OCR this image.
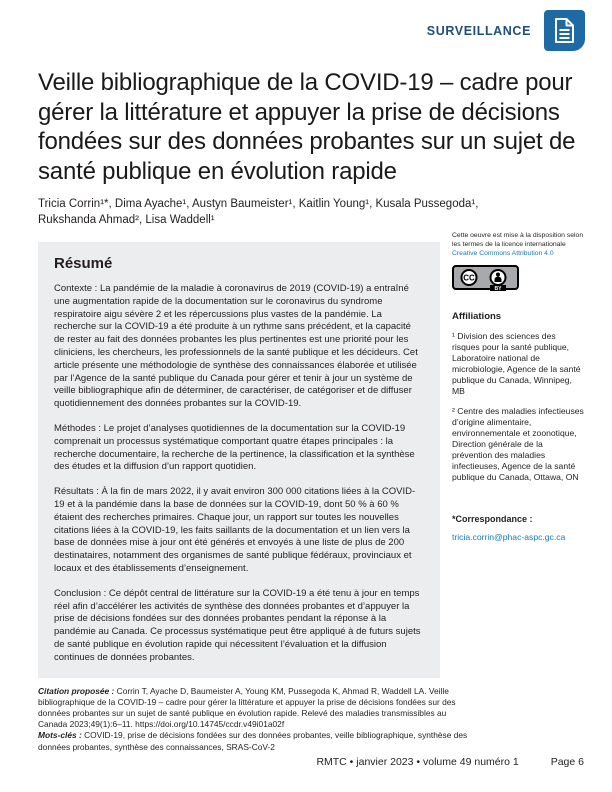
SURVEILLANCE
Veille bibliographique de la COVID-19 – cadre pour gérer la littérature et appuyer la prise de décisions fondées sur des données probantes sur un sujet de santé publique en évolution rapide

Tricia Corrin¹*, Dima Ayache¹, Austyn Baumeister¹, Kaitlin Young¹, Kusala Pussegoda¹, Rukshanda Ahmad², Lisa Waddell¹

Résumé

Contexte : La pandémie de la maladie à coronavirus de 2019 (COVID-19) a entraîné une augmentation rapide de la documentation sur le coronavirus du syndrome respiratoire aigu sévère 2 et les répercussions plus vastes de la pandémie. La recherche sur la COVID-19 a été produite à un rythme sans précédent, et la capacité de rester au fait des données probantes les plus pertinentes est une priorité pour les cliniciens, les chercheurs, les professionnels de la santé publique et les décideurs. Cet article présente une méthodologie de synthèse des connaissances élaborée et utilisée par l’Agence de la santé publique du Canada pour gérer et tenir à jour un système de veille bibliographique afin de déterminer, de caractériser, de catégoriser et de diffuser quotidiennement des données probantes sur la COVID-19.

Méthodes : Le projet d’analyses quotidiennes de la documentation sur la COVID-19 comprenait un processus systématique comportant quatre étapes principales : la recherche documentaire, la recherche de la pertinence, la classification et la synthèse des études et la diffusion d’un rapport quotidien.

Résultats : À la fin de mars 2022, il y avait environ 300 000 citations liées à la COVID-19 et à la pandémie dans la base de données sur la COVID-19, dont 50 % à 60 % étaient des recherches primaires. Chaque jour, un rapport sur toutes les nouvelles citations liées à la COVID-19, les faits saillants de la documentation et un lien vers la base de données mise à jour ont été générés et envoyés à une liste de plus de 200 destinataires, notamment des organismes de santé publique fédéraux, provinciaux et locaux et des établissements d’enseignement.

Conclusion : Ce dépôt central de littérature sur la COVID-19 a été tenu à jour en temps réel afin d’accélérer les activités de synthèse des données probantes et d’appuyer la prise de décisions fondées sur des données probantes pendant la réponse à la pandémie au Canada. Ce processus systématique peut être appliqué à de futurs sujets de santé publique en évolution rapide qui nécessitent l’évaluation et la diffusion continues de données probantes.

Citation proposée : Corrin T, Ayache D, Baumeister A, Young KM, Pussegoda K, Ahmad R, Waddell LA. Veille bibliographique de la COVID-19 – cadre pour gérer la littérature et appuyer la prise de décisions fondées sur des données probantes sur un sujet de santé publique en évolution rapide. Relevé des maladies transmissibles au Canada 2023;49(1):6–11. https://doi.org/10.14745/ccdr.v49i01a02f

Mots-clés : COVID-19, prise de décisions fondées sur des données probantes, veille bibliographique, synthèse des données probantes, synthèse des connaissances, SRAS-CoV-2

Cette oeuvre est mise à la disposition selon les termes de la licence internationale
Creative Commons Attribution 4.0

CC
BY

Affiliations

¹ Division des sciences des risques pour la santé publique, Laboratoire national de microbiologie, Agence de la santé publique du Canada, Winnipeg, MB

² Centre des maladies infectieuses d’origine alimentaire, environnementale et zoonotique, Direction générale de la prévention des maladies infectieuses, Agence de la santé publique du Canada, Ottawa, ON

*Correspondance :
tricia.corrin@phac-aspc.gc.ca
RMTC • janvier 2023 • volume 49 numéro 1	Page 6
